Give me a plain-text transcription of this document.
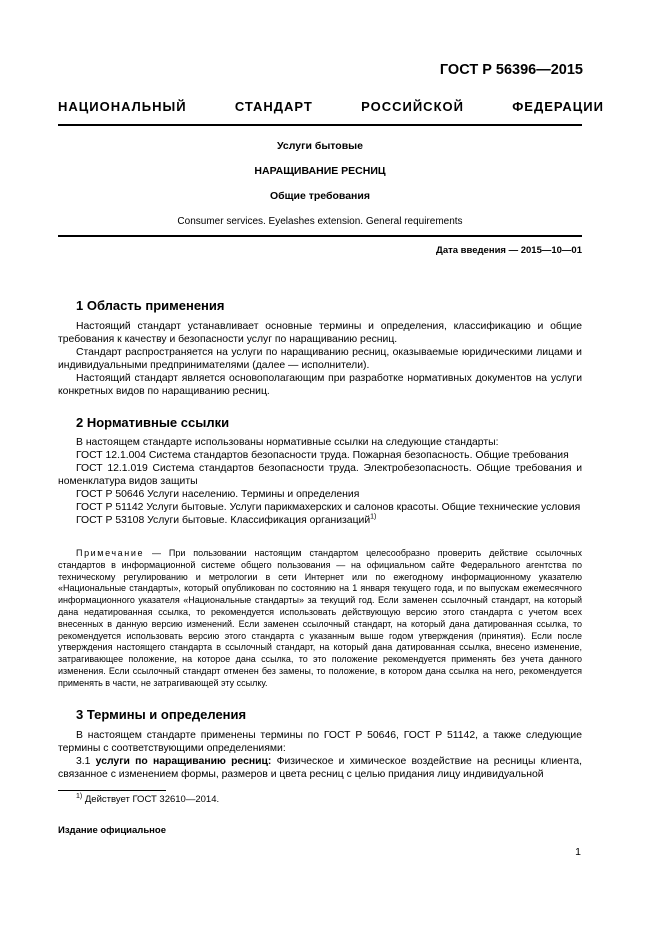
ГОСТ Р 56396—2015
НАЦИОНАЛЬНЫЙ СТАНДАРТ РОССИЙСКОЙ ФЕДЕРАЦИИ
Услуги бытовые
НАРАЩИВАНИЕ РЕСНИЦ
Общие требования
Consumer services. Eyelashes extension. General requirements
Дата введения — 2015—10—01
1 Область применения

Настоящий стандарт устанавливает основные термины и определения, классификацию и общие требования к качеству и безопасности услуг по наращиванию ресниц.

Стандарт распространяется на услуги по наращиванию ресниц, оказываемые юридическими лицами и индивидуальными предпринимателями (далее — исполнители).

Настоящий стандарт является основополагающим при разработке нормативных документов на услуги конкретных видов по наращиванию ресниц.

2 Нормативные ссылки

В настоящем стандарте использованы нормативные ссылки на следующие стандарты:

ГОСТ 12.1.004 Система стандартов безопасности труда. Пожарная безопасность. Общие требования

ГОСТ 12.1.019 Система стандартов безопасности труда. Электробезопасность. Общие требования и номенклатура видов защиты

ГОСТ Р 50646 Услуги населению. Термины и определения

ГОСТ Р 51142 Услуги бытовые. Услуги парикмахерских и салонов красоты. Общие технические условия

ГОСТ Р 53108 Услуги бытовые. Классификация организаций$^{1)}$

Примечание — При пользовании настоящим стандартом целесообразно проверить действие ссылочных стандартов в информационной системе общего пользования — на официальном сайте Федерального агентства по техническому регулированию и метрологии в сети Интернет или по ежегодному информационному указателю «Национальные стандарты», который опубликован по состоянию на 1 января текущего года, и по выпускам ежемесячного информационного указателя «Национальные стандарты» за текущий год. Если заменен ссылочный стандарт, на который дана недатированная ссылка, то рекомендуется использовать действующую версию этого стандарта с учетом всех внесенных в данную версию изменений. Если заменен ссылочный стандарт, на который дана датированная ссылка, то рекомендуется использовать версию этого стандарта с указанным выше годом утверждения (принятия). Если после утверждения настоящего стандарта в ссылочный стандарт, на который дана датированная ссылка, внесено изменение, затрагивающее положение, на которое дана ссылка, то это положение рекомендуется применять без учета данного изменения. Если ссылочный стандарт отменен без замены, то положение, в котором дана ссылка на него, рекомендуется применять в части, не затрагивающей эту ссылку.

3 Термины и определения

В настоящем стандарте применены термины по ГОСТ Р 50646, ГОСТ Р 51142, а также следующие термины с соответствующими определениями:

3.1 услуги по наращиванию ресниц: Физическое и химическое воздействие на ресницы клиента, связанное с изменением формы, размеров и цвета ресниц с целью придания лицу индивидуальной

$^{1)}$ Действует ГОСТ 32610—2014.
Издание официальное
1
